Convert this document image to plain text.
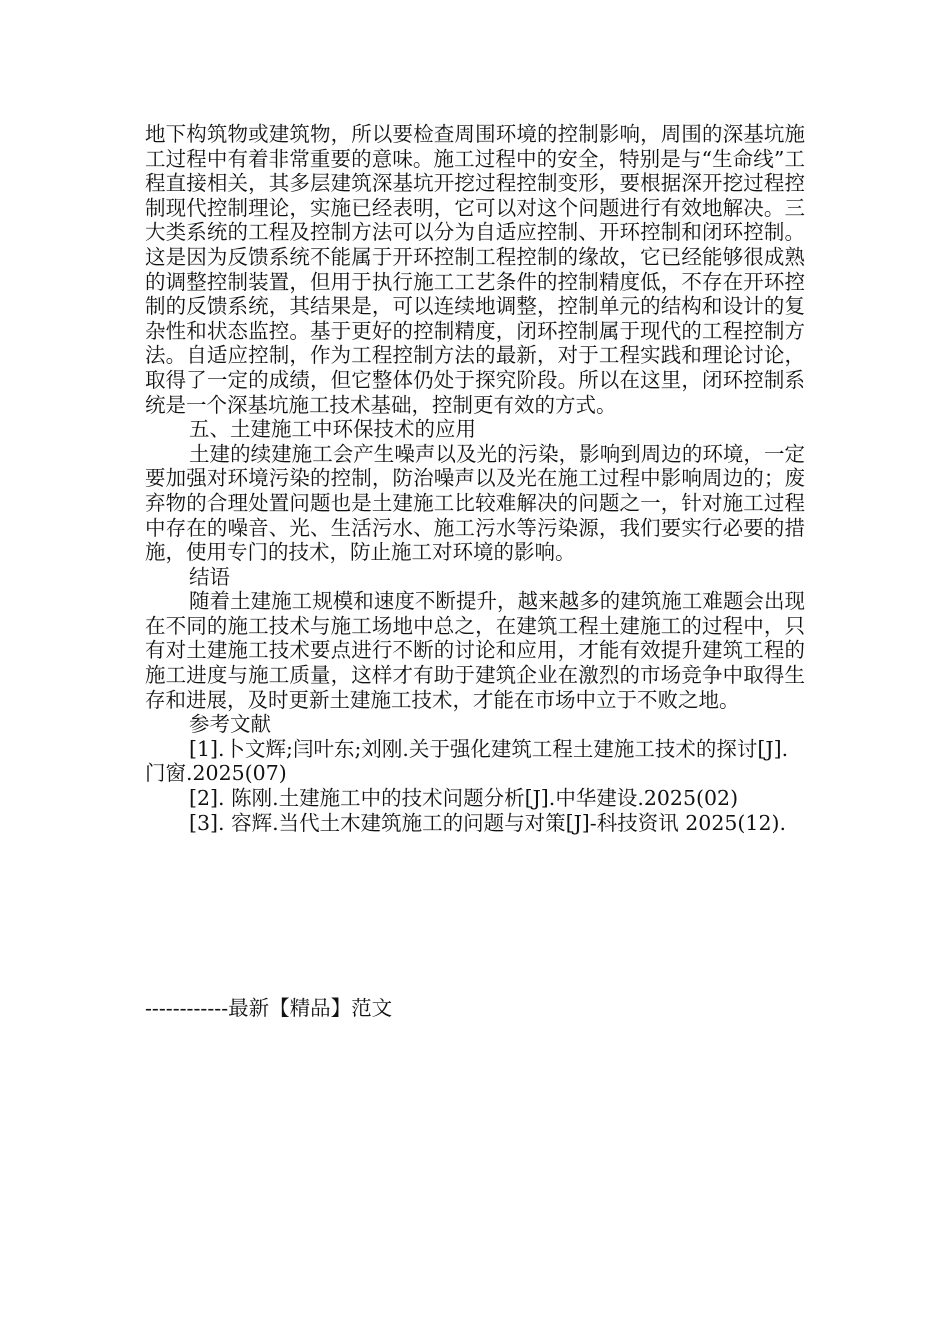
地下构筑物或建筑物，所以要检查周围环境的控制影响，周围的深基坑施工过程中有着非常重要的意味。施工过程中的安全，特别是与“生命线”工程直接相关，其多层建筑深基坑开挖过程控制变形，要根据深开挖过程控制现代控制理论，实施已经表明，它可以对这个问题进行有效地解决。三大类系统的工程及控制方法可以分为自适应控制、开环控制和闭环控制。这是因为反馈系统不能属于开环控制工程控制的缘故，它已经能够很成熟的调整控制装置，但用于执行施工工艺条件的控制精度低，不存在开环控制的反馈系统，其结果是，可以连续地调整，控制单元的结构和设计的复杂性和状态监控。基于更好的控制精度，闭环控制属于现代的工程控制方法。自适应控制，作为工程控制方法的最新，对于工程实践和理论讨论，取得了一定的成绩，但它整体仍处于探究阶段。所以在这里，闭环控制系统是一个深基坑施工技术基础，控制更有效的方式。

五、土建施工中环保技术的应用

土建的续建施工会产生噪声以及光的污染，影响到周边的环境，一定要加强对环境污染的控制，防治噪声以及光在施工过程中影响周边的；废弃物的合理处置问题也是土建施工比较难解决的问题之一，针对施工过程中存在的噪音、光、生活污水、施工污水等污染源，我们要实行必要的措施，使用专门的技术，防止施工对环境的影响。

结语

随着土建施工规模和速度不断提升，越来越多的建筑施工难题会出现在不同的施工技术与施工场地中总之，在建筑工程土建施工的过程中，只有对土建施工技术要点进行不断的讨论和应用，才能有效提升建筑工程的施工进度与施工质量，这样才有助于建筑企业在激烈的市场竞争中取得生存和进展，及时更新土建施工技术，才能在市场中立于不败之地。

参考文献

[1].卜文辉;闫叶东;刘刚.关于强化建筑工程土建施工技术的探讨[J].门窗.2025(07)

[2]. 陈刚.土建施工中的技术问题分析[J].中华建设.2025(02)

[3]. 容辉.当代土木建筑施工的问题与对策[J]-科技资讯 2025(12).

------------最新【精品】范文
